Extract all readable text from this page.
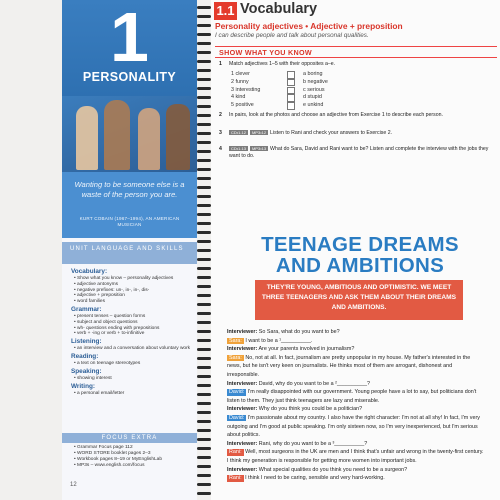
1
PERSONALITY
Wanting to be someone else is a waste of the person you are.
KURT COBAIN (1967–1994), AN AMERICAN MUSICIAN
UNIT LANGUAGE AND SKILLS
Vocabulary:
• Show what you know – personality adjectives
• adjective antonyms
• negative prefixes: un-, in-, in-, dis-
• adjective + preposition
• word families
Grammar:
• present tenses – question forms
• subject and object questions
• wh- questions ending with prepositions
• verb + -ing or verb + to-infinitive
Listening:
• an interview and a conversation about voluntary work
Reading:
• a text on teenage stereotypes
Speaking:
• showing interest
Writing:
• a personal email/letter
FOCUS EXTRA
• Grammar Focus page 112
• WORD STORE booklet pages 2–3
• Workbook pages 8–19 or MyEnglishLab
• MP3s – www.english.com/focus
12
1.1 Vocabulary
Personality adjectives • Adjective + preposition
I can describe people and talk about personal qualities.
SHOW WHAT YOU KNOW
1 Match adjectives 1–5 with their opposites a–e.
1 clever	a boring
2 funny	b negative
3 interesting	c serious
4 kind	d stupid
5 positive	e unkind
2 In pairs, look at the photos and choose an adjective from Exercise 1 to describe each person.
3	CD•1.12 MP3•12 Listen to Rani and check your answers to Exercise 2.
4	CD•1.13 MP3•13 What do Sara, David and Rani want to be? Listen and complete the interview with the jobs they want to do.
TEENAGE DREAMS
AND AMBITIONS
THEY'RE YOUNG, AMBITIOUS AND OPTIMISTIC. WE MEET THREE TEENAGERS AND ASK THEM ABOUT THEIR DREAMS AND AMBITIONS.
Interviewer: So Sara, what do you want to be?
Sara: I want to be a ¹__________.
Interviewer: Are your parents involved in journalism?
Sara: No, not at all. In fact, journalism are pretty unpopular in my house. My father's interested in the news, but he isn't very keen on journalists. He thinks most of them are arrogant, dishonest and irresponsible.
Interviewer: David, why do you want to be a ²__________?
David: I'm really disappointed with our government. Young people have a lot to say, but politicians don't listen to them. They just think teenagers are lazy and miserable.
Interviewer: Why do you think you could be a politician?
David: I'm passionate about my country. I also have the right character: I'm not at all shy! In fact, I'm very outgoing and I'm good at public speaking. I'm only sixteen now, so I'm very inexperienced, but I'm serious about politics.
Interviewer: Rani, why do you want to be a ³__________?
Rani: Well, most surgeons in the UK are men and I think that's unfair and wrong in the twenty-first century. I think my generation is responsible for getting more women into important jobs.
Interviewer: What special qualities do you think you need to be a surgeon?
Rani: I think I need to be caring, sensible and very hard-working.
